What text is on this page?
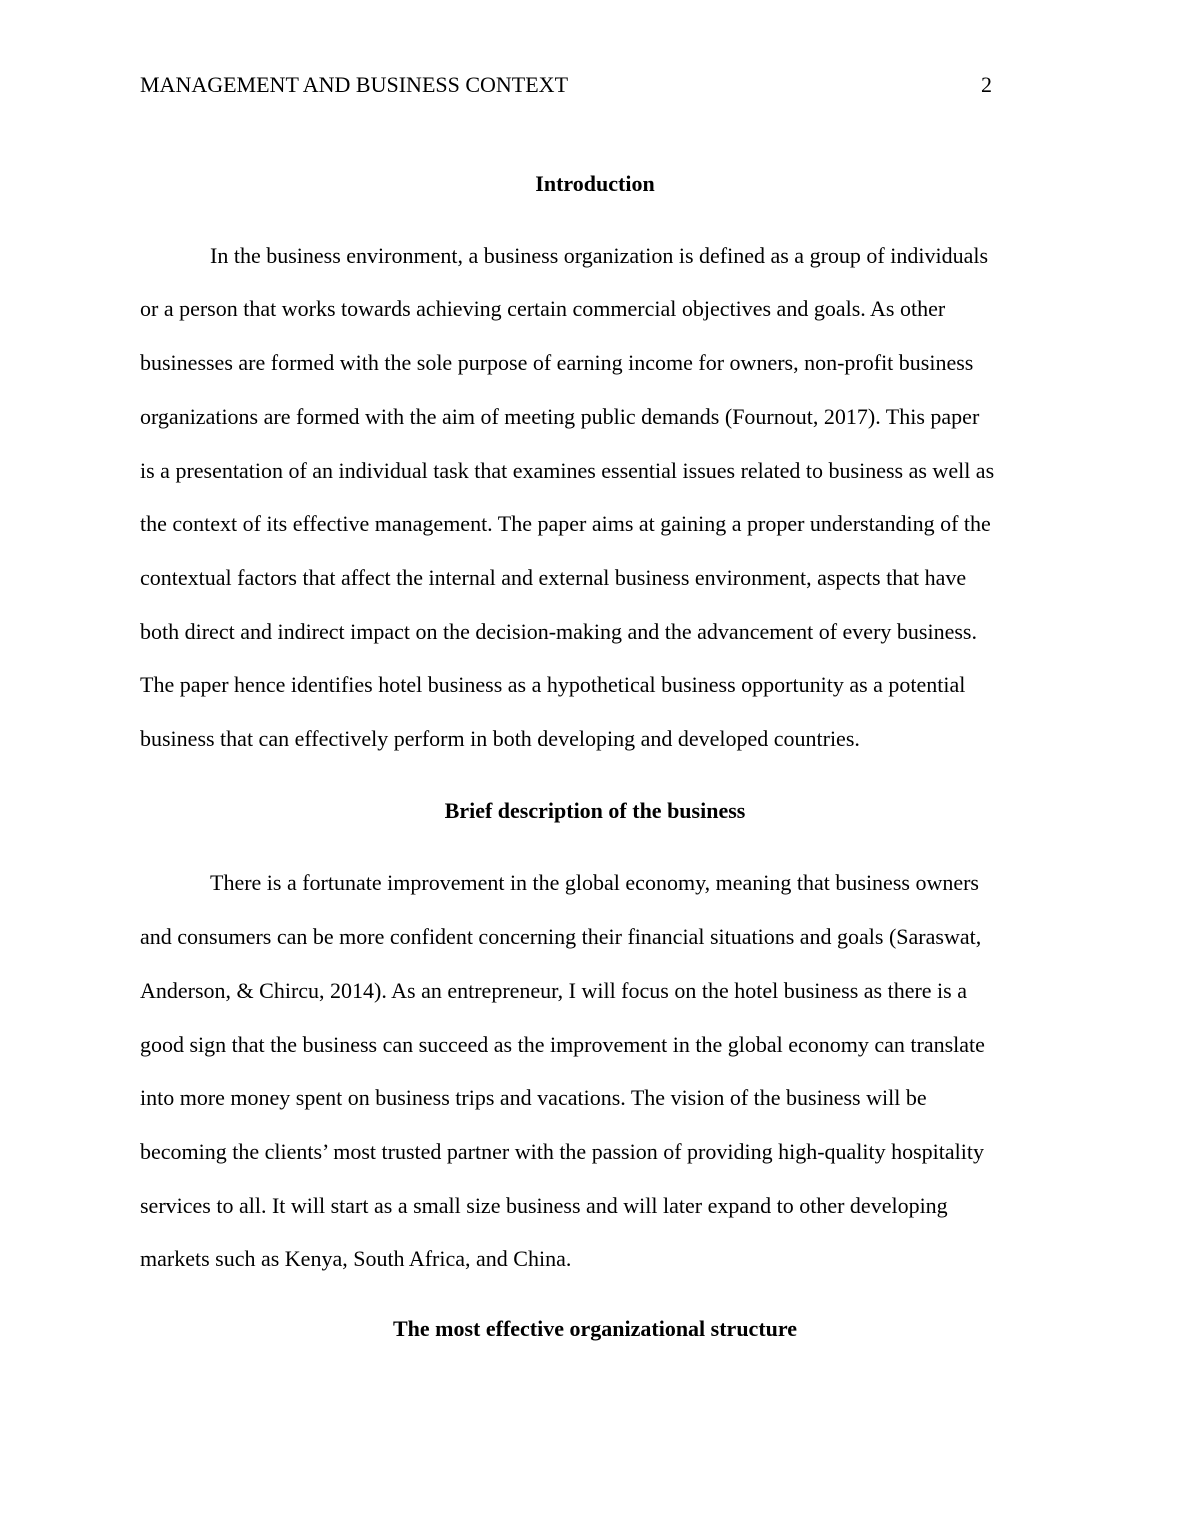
MANAGEMENT AND BUSINESS CONTEXT	2
Introduction

In the business environment, a business organization is defined as a group of individuals
or a person that works towards achieving certain commercial objectives and goals. As other
businesses are formed with the sole purpose of earning income for owners, non-profit business
organizations are formed with the aim of meeting public demands (Fournout, 2017). This paper
is a presentation of an individual task that examines essential issues related to business as well as
the context of its effective management. The paper aims at gaining a proper understanding of the
contextual factors that affect the internal and external business environment, aspects that have
both direct and indirect impact on the decision-making and the advancement of every business.
The paper hence identifies hotel business as a hypothetical business opportunity as a potential
business that can effectively perform in both developing and developed countries.

Brief description of the business

There is a fortunate improvement in the global economy, meaning that business owners
and consumers can be more confident concerning their financial situations and goals (Saraswat,
Anderson, & Chircu, 2014). As an entrepreneur, I will focus on the hotel business as there is a
good sign that the business can succeed as the improvement in the global economy can translate
into more money spent on business trips and vacations. The vision of the business will be
becoming the clients’ most trusted partner with the passion of providing high-quality hospitality
services to all. It will start as a small size business and will later expand to other developing
markets such as Kenya, South Africa, and China.

The most effective organizational structure
